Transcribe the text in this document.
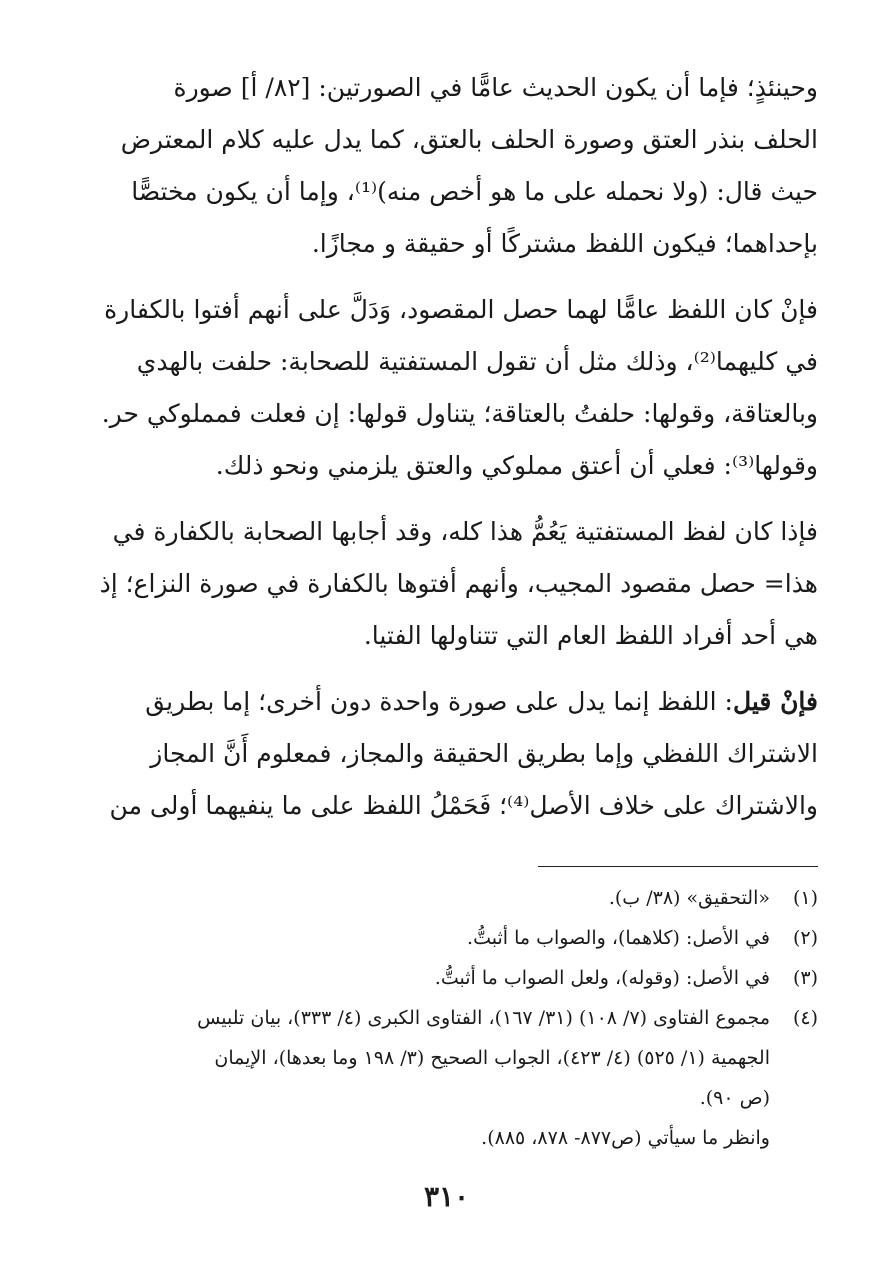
وحينئذٍ؛ فإما أن يكون الحديث عامًّا في الصورتين: [٨٢/ أ] صورة
الحلف بنذر العتق وصورة الحلف بالعتق، كما يدل عليه كلام المعترض
حيث قال: (ولا نحمله على ما هو أخص منه)⁽¹⁾، وإما أن يكون مختصًّا
بإحداهما؛ فيكون اللفظ مشتركًا أو حقيقة و مجازًا.
فإنْ كان اللفظ عامًّا لهما حصل المقصود، وَدَلَّ على أنهم أفتوا بالكفارة
في كليهما⁽²⁾، وذلك مثل أن تقول المستفتية للصحابة: حلفت بالهدي
وبالعتاقة، وقولها: حلفتُ بالعتاقة؛ يتناول قولها: إن فعلت فمملوكي حر.
وقولها⁽³⁾: فعلي أن أعتق مملوكي والعتق يلزمني ونحو ذلك.
فإذا كان لفظ المستفتية يَعُمُّ هذا كله، وقد أجابها الصحابة بالكفارة في
هذا= حصل مقصود المجيب، وأنهم أفتوها بالكفارة في صورة النزاع؛ إذ
هي أحد أفراد اللفظ العام التي تتناولها الفتيا.
فإنْ قيل: اللفظ إنما يدل على صورة واحدة دون أخرى؛ إما بطريق
الاشتراك اللفظي وإما بطريق الحقيقة والمجاز، فمعلوم أَنَّ المجاز
والاشتراك على خلاف الأصل⁽⁴⁾؛ فَحَمْلُ اللفظ على ما ينفيهما أولى من
(١)
«التحقيق» (٣٨/ ب).
(٢)
في الأصل: (كلاهما)، والصواب ما أثبتُّ.
(٣)
في الأصل: (وقوله)، ولعل الصواب ما أثبتُّ.
(٤)
مجموع الفتاوى (٧/ ١٠٨) (٣١/ ١٦٧)، الفتاوى الكبرى (٤/ ٣٣٣)، بيان تلبيس
الجهمية (١/ ٥٢٥) (٤/ ٤٢٣)، الجواب الصحيح (٣/ ١٩٨ وما بعدها)، الإيمان
(ص ٩٠).
وانظر ما سيأتي (ص٨٧٧- ٨٧٨، ٨٨٥).
٣١٠
